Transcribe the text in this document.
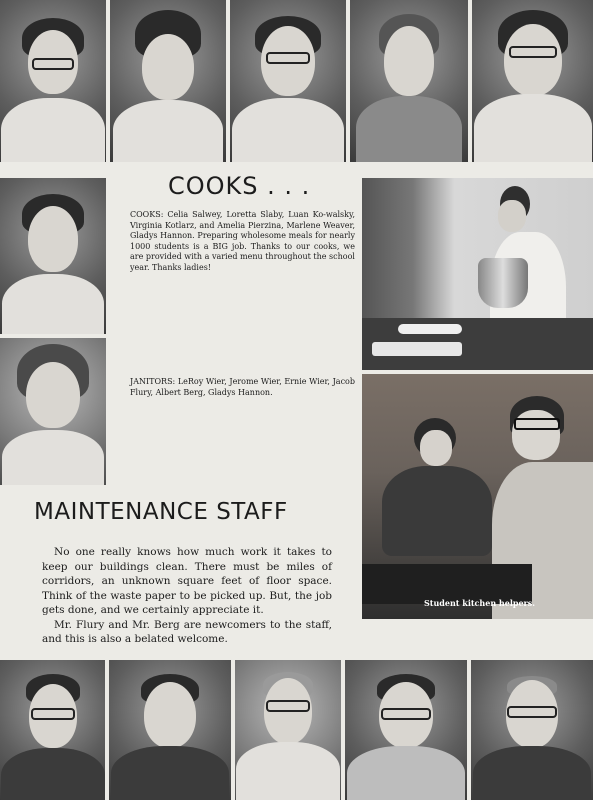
COOKS . . .

COOKS: Celia Salwey, Loretta Slaby, Luan Ko-walsky, Virginia Kotlarz, and Amelia Pierzina, Marlene Weaver, Gladys Hannon. Preparing wholesome meals for nearly 1000 students is a BIG job. Thanks to our cooks, we are provided with a varied menu throughout the school year. Thanks ladies!

JANITORS: LeRoy Wier, Jerome Wier, Ernie Wier, Jacob Flury, Albert Berg, Gladys Hannon.

Student kitchen helpers.
MAINTENANCE STAFF

No one really knows how much work it takes to keep our buildings clean. There must be miles of corridors, an unknown square feet of floor space. Think of the waste paper to be picked up. But, the job gets done, and we certainly appreciate it.

Mr. Flury and Mr. Berg are newcomers to the staff, and this is also a belated welcome.
